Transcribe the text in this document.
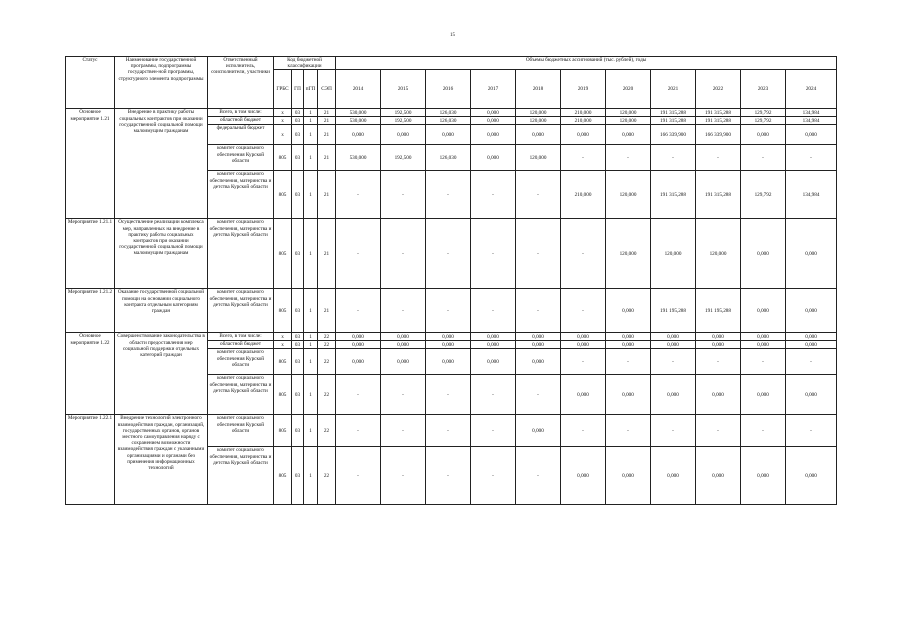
15
Статус	Наименование государственной программы, подпрограммы государствен-ной программы, структурного элемента подпрограммы	Ответственный исполнитель, соисполнители, участники	Код бюджетной классификации				Объемы бюджетных ассигнований (тыс. рублей), годы										
			ГРБС	ГП	пГП	СЭП	2014	2015	2016	2017	2018	2019	2020	2021	2022	2023	2024
Основное мероприятие 1.21	Внедрение в практику работы социальных контрактов при оказании государственной социальной помощи малоимущим гражданам	Всего, в том числе:	х	03	1	21	530,000	192,500	126,030	0,000	120,000	210,000	120,000	191 315,288	191 315,288	129,792	134,984
		областной бюджет	х	03	1	21	530,000	192,500	126,030	0,000	120,000	210,000	120,000	191 315,288	191 315,288	129,792	134,984
		федеральный бюджет	х	03	1	21	0,000	0,000	0,000	0,000	0,000	0,000	0,000	166 339,900	166 339,900	0,000	0,000
		комитет социального обеспечения Курской области	805	03	1	21	530,000	192,500	126,030	0,000	120,000	-	-	-	-	-	-
		комитет социального обеспечения, материнства и детства Курской области	805	03	1	21	-	-	-	-	-	210,000	120,000	191 315,288	191 315,288	129,792	134,984
Мероприятие 1.21.1	Осуществление реализации комплекса мер, направленных на внедрение в практику работы социальных контрактов при оказании государственной социальной помощи малоимущим гражданам	комитет социального обеспечения, материнства и детства Курской области	805	03	1	21	-	-	-	-	-	-	120,000	120,000	120,000	0,000	0,000
Мероприятие 1.21.2	Оказание государственной социальной помощи на основании социального контракта отдельным категориям граждан	комитет социального обеспечения, материнства и детства Курской области	805	03	1	21	-	-	-	-	-	-	0,000	191 195,288	191 195,288	0,000	0,000
Основное мероприятие 1.22	Совершенствование законодательства в области предоставления мер социальной поддержки отдельных категорий граждан	Всего, в том числе:	х	03	1	22	0,000	0,000	0,000	0,000	0,000	0,000	0,000	0,000	0,000	0,000	0,000
		областной бюджет	х	03	1	22	0,000	0,000	0,000	0,000	0,000	0,000	0,000	0,000	0,000	0,000	0,000
		комитет социального обеспечения Курской области	805	03	1	22	0,000	0,000	0,000	0,000	0,000	-	-	-	-	-	-
		комитет социального обеспечения, материнства и детства Курской области	805	03	1	22	-	-	-	-	-	0,000	0,000	0,000	0,000	0,000	0,000
Мероприятие 1.22.1	Внедрение технологий электронного взаимодействия граждан, организаций, государственных органов, органов местного самоуправления наряду с сохранением возможности взаимодействия граждан с указанными организациями и органами без применения информационных технологий	комитет социального обеспечения Курской области	805	03	1	22	-	-	-	-	0,000	-	-	-	-	-	-
		комитет социального обеспечения, материнства и детства Курской области	805	03	1	22	-	-	-	-	-	0,000	0,000	0,000	0,000	0,000	0,000
